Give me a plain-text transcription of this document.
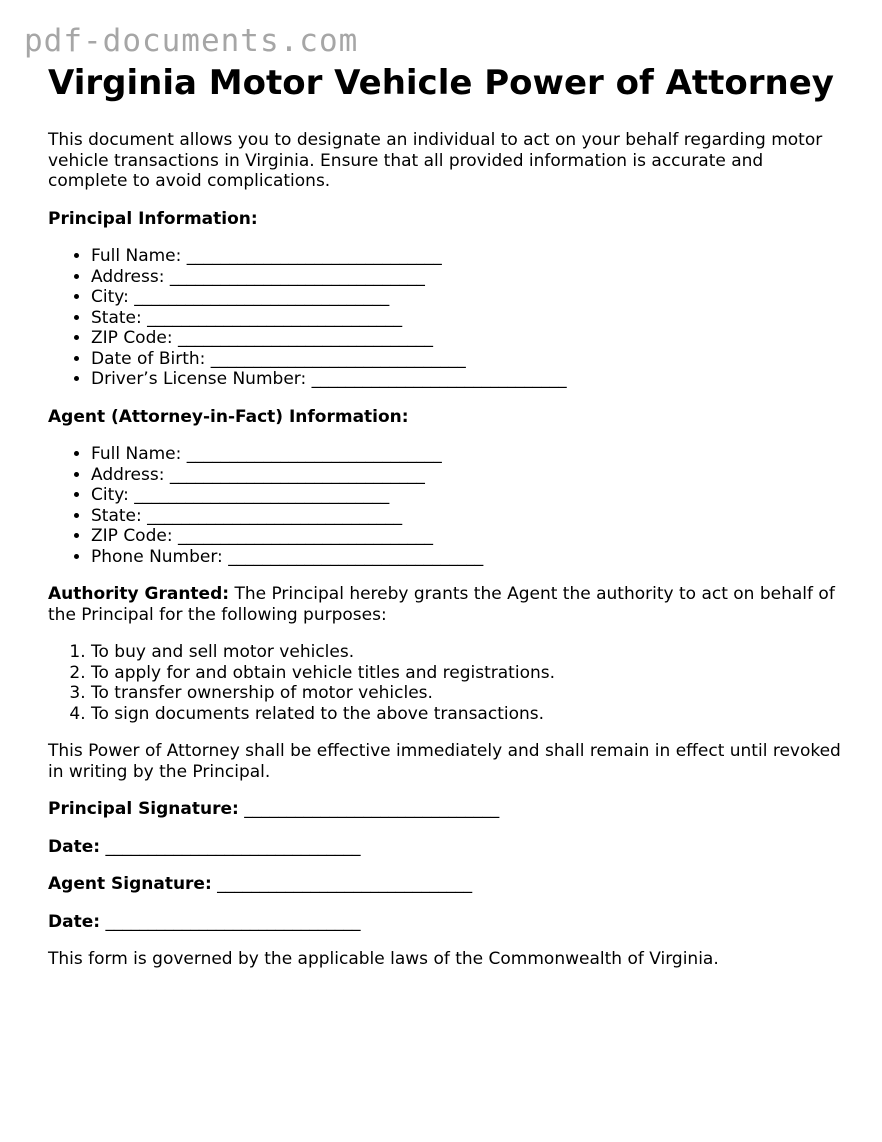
pdf-documents.com
Virginia Motor Vehicle Power of Attorney

This document allows you to designate an individual to act on your behalf regarding motor vehicle transactions in Virginia. Ensure that all provided information is accurate and complete to avoid complications.

Principal Information:

• Full Name: ______________________________
• Address: ______________________________
• City: ______________________________
• State: ______________________________
• ZIP Code: ______________________________
• Date of Birth: ______________________________
• Driver’s License Number: ______________________________

Agent (Attorney-in-Fact) Information:

• Full Name: ______________________________
• Address: ______________________________
• City: ______________________________
• State: ______________________________
• ZIP Code: ______________________________
• Phone Number: ______________________________

Authority Granted: The Principal hereby grants the Agent the authority to act on behalf of the Principal for the following purposes:

1. To buy and sell motor vehicles.
2. To apply for and obtain vehicle titles and registrations.
3. To transfer ownership of motor vehicles.
4. To sign documents related to the above transactions.

This Power of Attorney shall be effective immediately and shall remain in effect until revoked in writing by the Principal.

Principal Signature: ______________________________

Date: ______________________________

Agent Signature: ______________________________

Date: ______________________________

This form is governed by the applicable laws of the Commonwealth of Virginia.
